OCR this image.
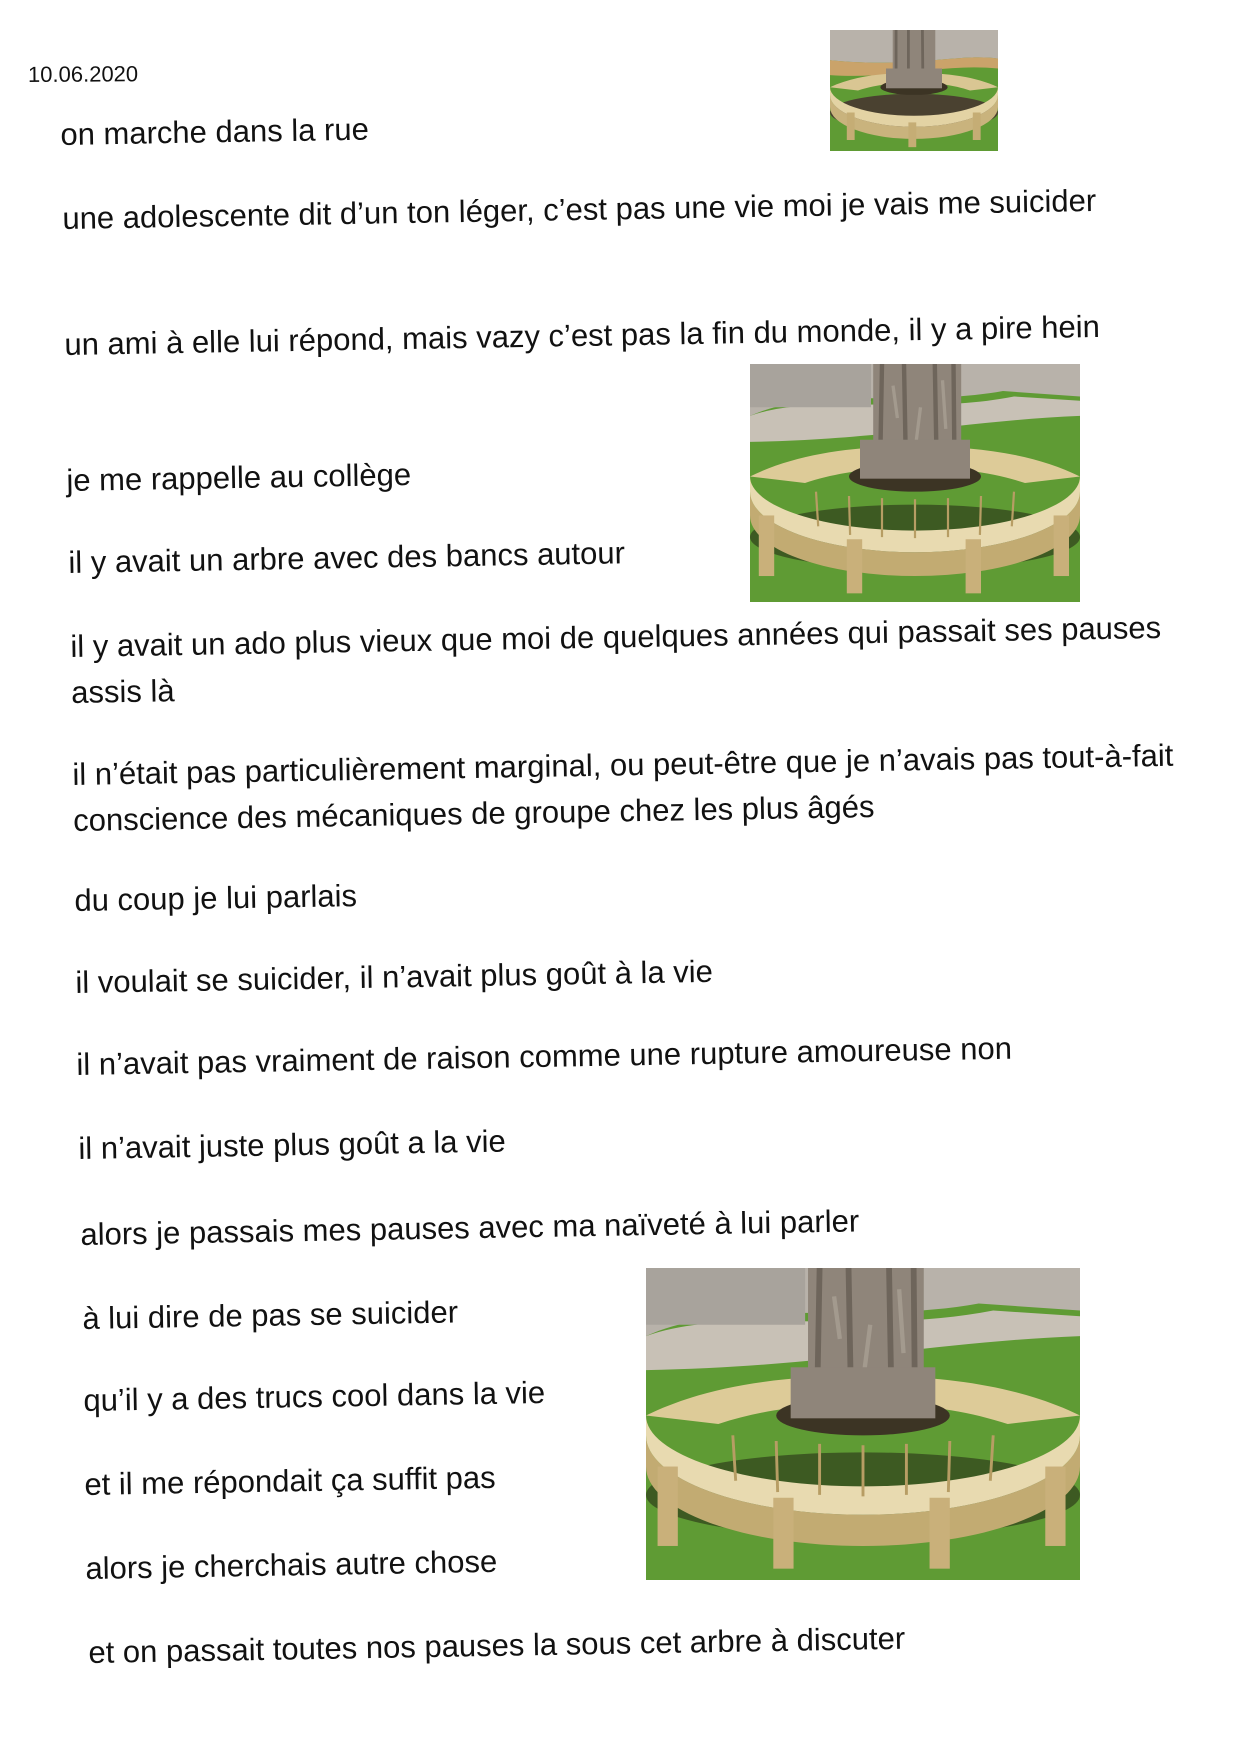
10.06.2020
on marche dans la rue
une adolescente dit d’un ton léger, c’est pas une vie moi je vais me suicider
un ami à elle lui répond, mais vazy c’est pas la fin du monde, il y a pire hein
je me rappelle au collège
il y avait un arbre avec des bancs autour
il y avait un ado plus vieux que moi de quelques années qui passait ses pauses assis là
il n’était pas particulièrement marginal, ou peut-être que je n’avais pas tout-à-fait conscience des mécaniques de groupe chez les plus âgés
du coup je lui parlais
il voulait se suicider, il n’avait plus goût à la vie
il n’avait pas vraiment de raison comme une rupture amoureuse non
il n’avait juste plus goût a la vie
alors je passais mes pauses avec ma naïveté à lui parler
à lui dire de pas se suicider
qu’il y a des trucs cool dans la vie
et il me répondait ça suffit pas
alors je cherchais autre chose
et on passait toutes nos pauses la sous cet arbre à discuter
